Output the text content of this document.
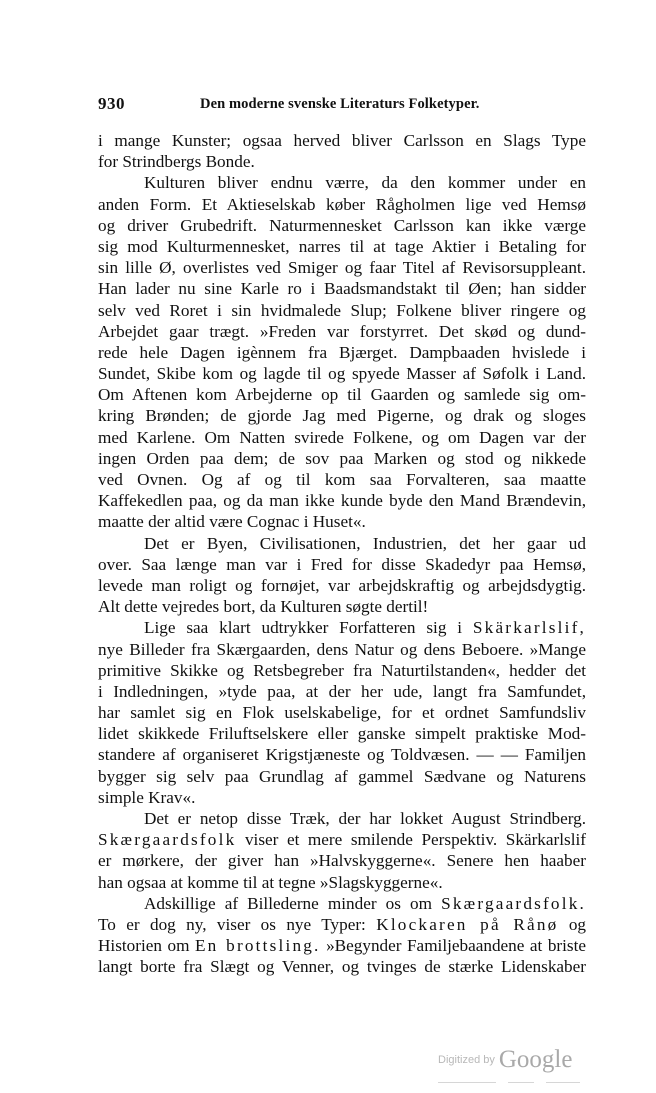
930	Den moderne svenske Literaturs Folketyper.
i mange Kunster; ogsaa herved bliver Carlsson en Slags Type
for Strindbergs Bonde.
Kulturen bliver endnu værre, da den kommer under en
anden Form. Et Aktieselskab køber Rågholmen lige ved Hemsø
og driver Grubedrift. Naturmennesket Carlsson kan ikke værge
sig mod Kulturmennesket, narres til at tage Aktier i Betaling for
sin lille Ø, overlistes ved Smiger og faar Titel af Revisorsuppleant.
Han lader nu sine Karle ro i Baadsmandstakt til Øen; han sidder
selv ved Roret i sin hvidmalede Slup; Folkene bliver ringere og
Arbejdet gaar trægt. »Freden var forstyrret. Det skød og dund-
rede hele Dagen igènnem fra Bjærget. Dampbaaden hvislede i
Sundet, Skibe kom og lagde til og spyede Masser af Søfolk i Land.
Om Aftenen kom Arbejderne op til Gaarden og samlede sig om-
kring Brønden; de gjorde Jag med Pigerne, og drak og sloges
med Karlene. Om Natten svirede Folkene, og om Dagen var der
ingen Orden paa dem; de sov paa Marken og stod og nikkede
ved Ovnen. Og af og til kom saa Forvalteren, saa maatte
Kaffekedlen paa, og da man ikke kunde byde den Mand Brændevin,
maatte der altid være Cognac i Huset«.
Det er Byen, Civilisationen, Industrien, det her gaar ud
over. Saa længe man var i Fred for disse Skadedyr paa Hemsø,
levede man roligt og fornøjet, var arbejdskraftig og arbejdsdygtig.
Alt dette vejredes bort, da Kulturen søgte dertil!
Lige saa klart udtrykker Forfatteren sig i Skärkarlslif,
nye Billeder fra Skærgaarden, dens Natur og dens Beboere. »Mange
primitive Skikke og Retsbegreber fra Naturtilstanden«, hedder det
i Indledningen, »tyde paa, at der her ude, langt fra Samfundet,
har samlet sig en Flok uselskabelige, for et ordnet Samfundsliv
lidet skikkede Friluftselskere eller ganske simpelt praktiske Mod-
standere af organiseret Krigstjæneste og Toldvæsen. — — Familjen
bygger sig selv paa Grundlag af gammel Sædvane og Naturens
simple Krav«.
Det er netop disse Træk, der har lokket August Strindberg.
Skærgaardsfolk viser et mere smilende Perspektiv. Skärkarlslif
er mørkere, der giver han »Halvskyggerne«. Senere hen haaber
han ogsaa at komme til at tegne »Slagskyggerne«.
Adskillige af Billederne minder os om Skærgaardsfolk.
To er dog ny, viser os nye Typer: Klockaren på Rånø og
Historien om En brottsling. »Begynder Familjebaandene at briste
langt borte fra Slægt og Venner, og tvinges de stærke Lidenskaber
Digitized by Google
